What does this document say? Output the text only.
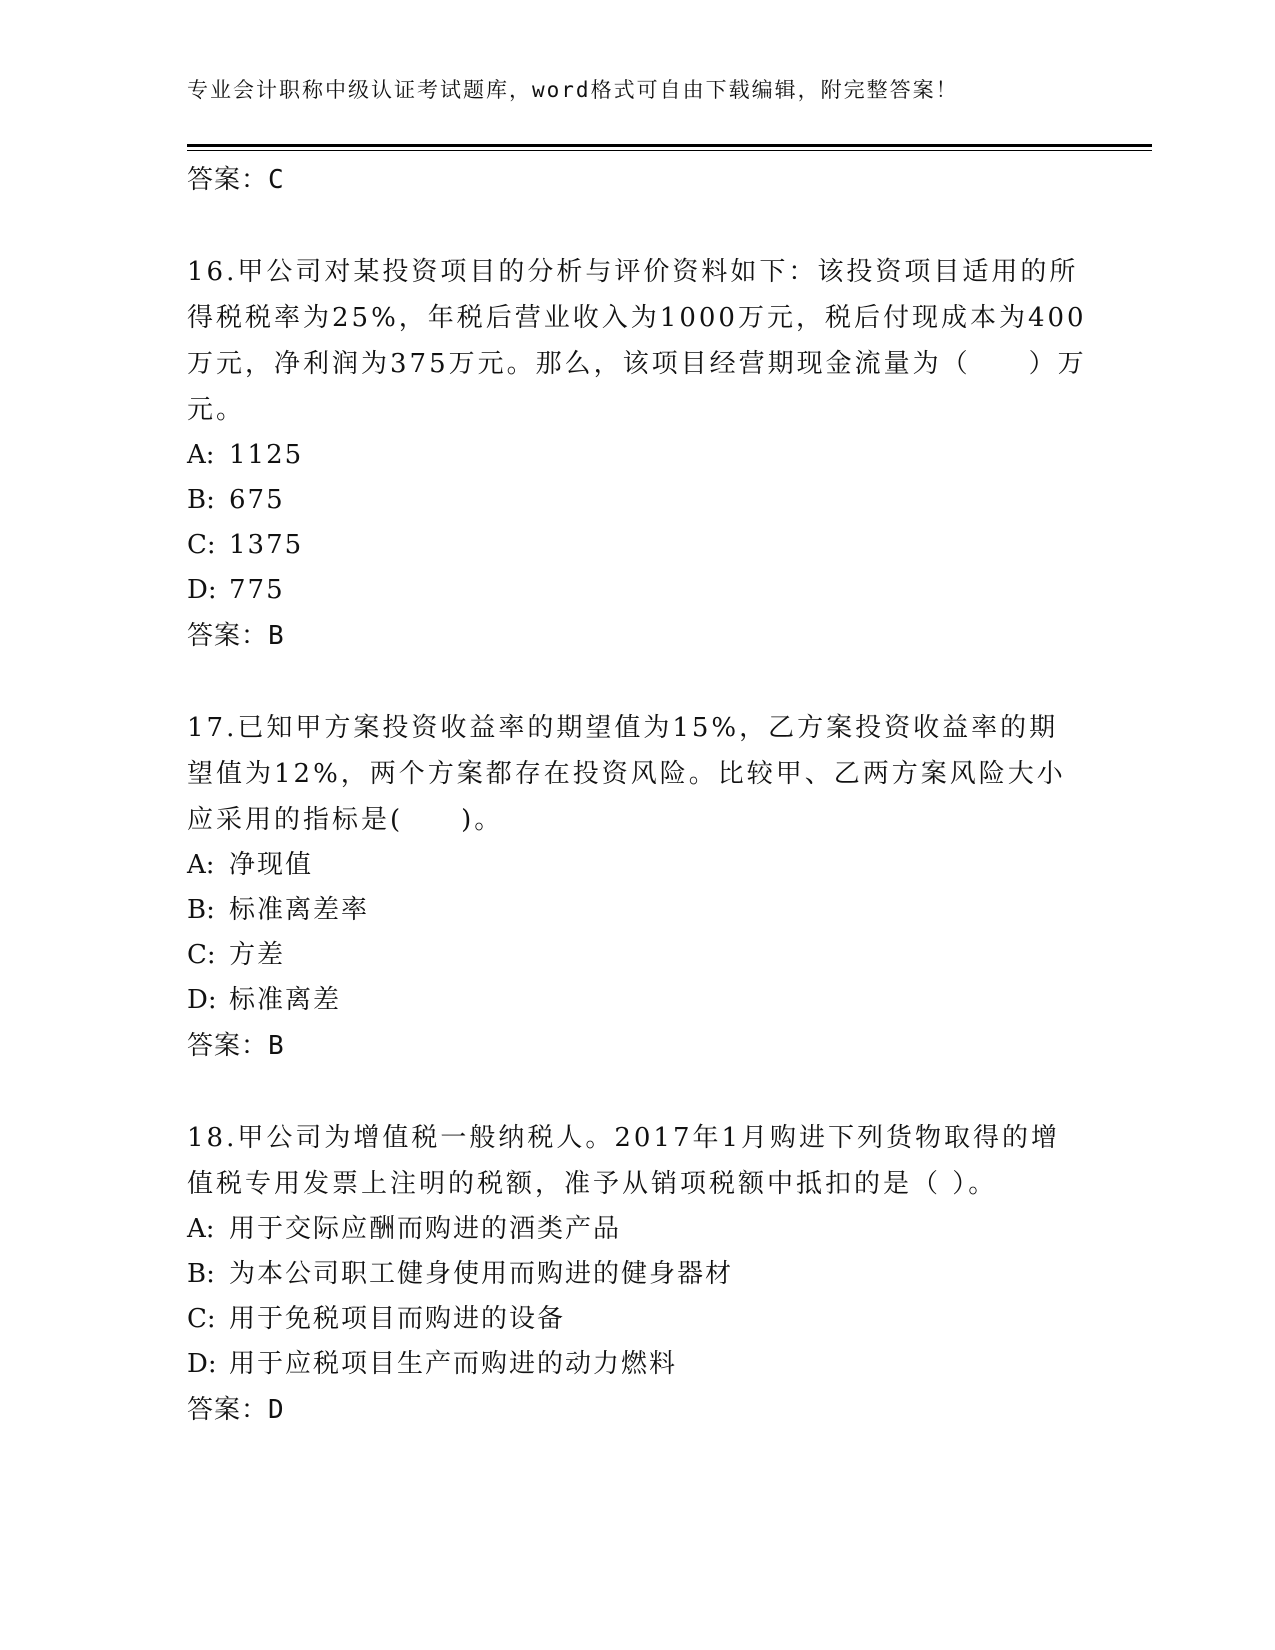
专业会计职称中级认证考试题库，word格式可自由下载编辑，附完整答案！
答案：C
16.甲公司对某投资项目的分析与评价资料如下：该投资项目适用的所得税税率为25%，年税后营业收入为1000万元，税后付现成本为400万元，净利润为375万元。那么，该项目经营期现金流量为（　　）万元。
A: 1125
B: 675
C: 1375
D: 775
答案：B
17.已知甲方案投资收益率的期望值为15%，乙方案投资收益率的期望值为12%，两个方案都存在投资风险。比较甲、乙两方案风险大小应采用的指标是(　　)。
A: 净现值
B: 标准离差率
C: 方差
D: 标准离差
答案：B
18.甲公司为增值税一般纳税人。2017年1月购进下列货物取得的增值税专用发票上注明的税额，准予从销项税额中抵扣的是（ ）。
A: 用于交际应酬而购进的酒类产品
B: 为本公司职工健身使用而购进的健身器材
C: 用于免税项目而购进的设备
D: 用于应税项目生产而购进的动力燃料
答案：D
